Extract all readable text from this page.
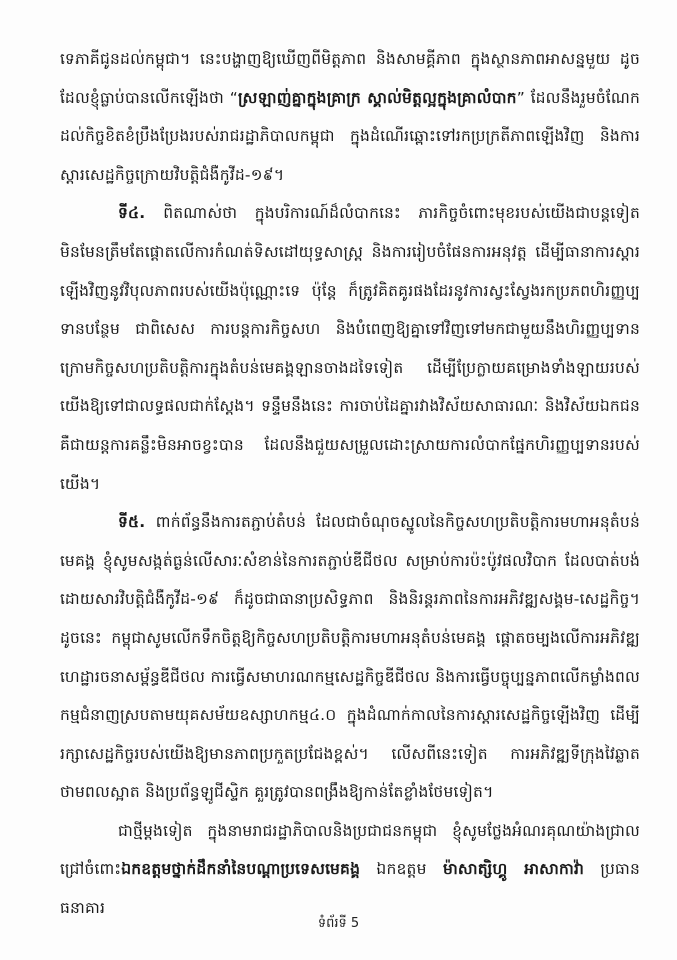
ទេភាគីជូនដល់កម្ពុជា។ នេះបង្ហាញឱ្យឃើញពីមិត្តភាព និងសាមគ្គីភាព ក្នុងស្ថានភាពអាសន្នមួយ ដូចដែលខ្ញុំធ្លាប់បានលើកឡើងថា “ស្រឡាញ់គ្នាក្នុងគ្រាក្រ ស្គាល់មិត្តល្អក្នុងគ្រាលំបាក” ដែលនឹងរួមចំណែកដល់កិច្ចខិតខំប្រឹងប្រែងរបស់រាជរដ្ឋាភិបាលកម្ពុជា ក្នុងដំណើរឆ្ពោះទៅរកប្រក្រតីភាពឡើងវិញ និងការស្តារសេដ្ឋកិច្ចក្រោយវិបត្តិជំងឺកូវីដ-១៩។

ទី៤. ពិតណាស់ថា ក្នុងបរិការណ៍ដ៏លំបាកនេះ ភារកិច្ចចំពោះមុខរបស់យើងជាបន្តទៀត មិនមែនត្រឹមតែផ្តោតលើការកំណត់ទិសដៅយុទ្ធសាស្ត្រ និងការរៀបចំផែនការអនុវត្ត ដើម្បីធានាការស្តារឡើងវិញនូវវិបុលភាពរបស់យើងប៉ុណ្ណោះទេ ប៉ុន្តែ ក៏ត្រូវគិតគូរផងដែរនូវការស្វះស្វែងរកប្រភពហិរញ្ញប្បទានបន្ថែម ជាពិសេស ការបន្តការកិច្ចសហ និងបំពេញឱ្យគ្នាទៅវិញទៅមកជាមួយនឹងហិរញ្ញប្បទានក្រោមកិច្ចសហប្រតិបត្តិការក្នុងតំបន់មេគង្គឡានចាងដទៃទៀត ដើម្បីប្រែក្លាយគម្រោងទាំងឡាយរបស់យើងឱ្យទៅជាលទ្ធផលជាក់ស្តែង។ ទន្ទឹមនឹងនេះ ការចាប់ដៃគ្នារវាងវិស័យសាធារណៈ និងវិស័យឯកជន គឺជាយន្តការគន្លឹះមិនអាចខ្វះបាន ដែលនឹងជួយសម្រួលដោះស្រាយការលំបាកផ្នែកហិរញ្ញប្បទានរបស់យើង។

ទី៥. ពាក់ព័ន្ធនឹងការតភ្ជាប់តំបន់ ដែលជាចំណុចស្នូលនៃកិច្ចសហប្រតិបត្តិការមហាអនុតំបន់មេគង្គ ខ្ញុំសូមសង្កត់ធ្ងន់លើសារៈសំខាន់នៃការតភ្ជាប់ឌីជីថល សម្រាប់ការប៉ះប៉ូវផលវិបាក ដែលបាត់បង់ដោយសារវិបត្តិជំងឺកូវីដ-១៩ ក៏ដូចជាធានាប្រសិទ្ធភាព និងនិរន្តរភាពនៃការអភិវឌ្ឍសង្គម-សេដ្ឋកិច្ច។ ដូចនេះ កម្ពុជាសូមលើកទឹកចិត្តឱ្យកិច្ចសហប្រតិបត្តិការមហាអនុតំបន់មេគង្គ ផ្តោតចម្បងលើការអភិវឌ្ឍហេដ្ឋារចនាសម្ព័ន្ធឌីជីថល ការធ្វើសមាហរណកម្មសេដ្ឋកិច្ចឌីជីថល និងការធ្វើបច្ចុប្បន្នភាពលើកម្លាំងពលកម្មជំនាញស្របតាមយុគសម័យឧស្សាហកម្ម៤.០ ក្នុងដំណាក់កាលនៃការស្តារសេដ្ឋកិច្ចឡើងវិញ ដើម្បីរក្សាសេដ្ឋកិច្ចរបស់យើងឱ្យមានភាពប្រកួតប្រជែងខ្ពស់។ លើសពីនេះទៀត ការអភិវឌ្ឍទីក្រុងវៃឆ្លាត ថាមពលស្អាត និងប្រព័ន្ធឡូជីស្ទិក គួរត្រូវបានពង្រឹងឱ្យកាន់តែខ្លាំងថែមទៀត។

ជាថ្មីម្តងទៀត ក្នុងនាមរាជរដ្ឋាភិបាលនិងប្រជាជនកម្ពុជា ខ្ញុំសូមថ្លែងអំណរគុណយ៉ាងជ្រាលជ្រៅចំពោះឯកឧត្តមថ្នាក់ដឹកនាំនៃបណ្តាប្រទេសមេគង្គ ឯកឧត្តម ម៉ាសាត្សិហ្គូ អាសាកាវ៉ា ប្រធានធនាគារ

ទំព័រទី 5
